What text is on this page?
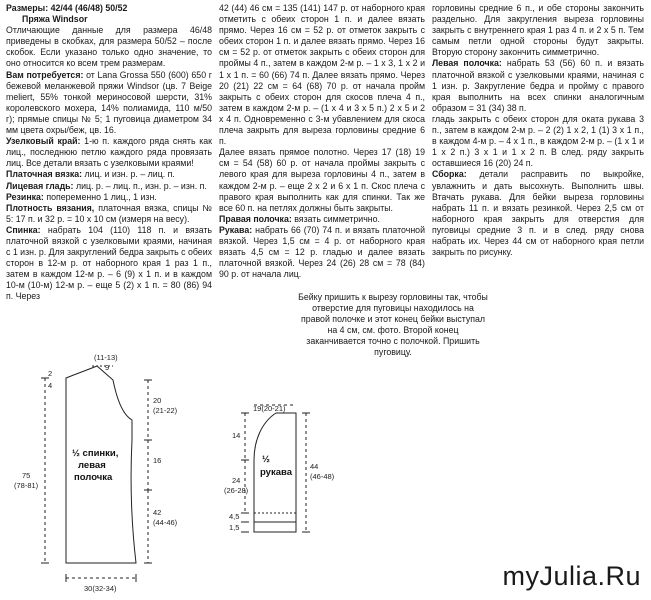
Размеры: 42/44 (46/48) 50/52

Пряжа Windsor

Отличающие данные для размера 46/48 приведены в скобках, для размера 50/52 – после скобок. Если указано только одно значение, то оно относится ко всем трем размерам.

Вам потребуется: от Lana Grossa 550 (600) 650 г бежевой меланжевой пряжи Windsor (цв. 7 Beige meliert, 55% тонкой мериносовой шерсти, 31% королевского мохера, 14% полиамида, 110 м/50 г); прямые спицы № 5; 1 пуговица диаметром 34 мм цвета охры/беж, цв. 16.

Узелковый край: 1-ю п. каждого ряда снять как лиц., последнюю петлю каждого ряда провязать лиц. Все детали вязать с узелковыми краями!

Платочная вязка: лиц. и изн. р. – лиц. п.

Лицевая гладь: лиц. р. – лиц. п., изн. р. – изн. п.

Резинка: попеременно 1 лиц., 1 изн.

Плотность вязания, платочная вязка, спицы № 5: 17 п. и 32 р. = 10 х 10 см (измеря на весу).

Спинка: набрать 104 (110) 118 п. и вязать платочной вязкой с узелковыми краями, начиная с 1 изн. р. Для закруглений бедра закрыть с обеих сторон в 12-м р. от наборного края 1 раз 1 п., затем в каждом 12-м р. – 6 (9) х 1 п. и в каждом 10-м (10-м) 12-м р. – еще 5 (2) х 1 п. = 80 (86) 94 п. Через

42 (44) 46 см = 135 (141) 147 р. от наборного края отметить с обеих сторон 1 п. и далее вязать прямо. Через 16 см = 52 р. от отметок закрыть с обеих сторон 1 п. и далее вязать прямо. Через 16 см = 52 р. от отметок закрыть с обеих сторон для проймы 4 п., затем в каждом 2-м р. – 1 х 3, 1 х 2 и 1 х 1 п. = 60 (66) 74 п. Далее вязать прямо. Через 20 (21) 22 см = 64 (68) 70 р. от начала пройм закрыть с обеих сторон для скосов плеча 4 п., затем в каждом 2-м р. – (1 х 4 и 3 х 5 п.) 2 х 5 и 2 х 4 п. Одновременно с 3-м убавлением для скоса плеча закрыть для выреза горловины средние 6 п.

Далее вязать прямое полотно. Через 17 (18) 19 см = 54 (58) 60 р. от начала проймы закрыть с левого края для выреза горловины 4 п., затем в каждом 2-м р. – еще 2 х 2 и 6 х 1 п. Скос плеча с правого края выполнить как для спинки. Так же все 60 п. на петлях должны быть закрыты.

Правая полочка: вязать симметрично.

Рукава: набрать 66 (70) 74 п. и вязать платочной вязкой. Через 1,5 см = 4 р. от наборного края вязать 4,5 см = 12 р. гладью и далее вязать платочной вязкой. Через 24 (26) 28 см = 78 (84) 90 р. от начала лиц.

горловины средние 6 п., и обе стороны закончить раздельно. Для закругления выреза горловины закрыть с внутреннего края 1 раз 4 п. и 2 х 5 п. Тем самым петли одной стороны будут закрыты. Вторую сторону закончить симметрично.

Левая полочка: набрать 53 (56) 60 п. и вязать платочной вязкой с узелковыми краями, начиная с 1 изн. р. Закругление бедра и пройму с правого края выполнить на всех спинки аналогичным образом = 31 (34) 38 п.

гладь закрыть с обеих сторон для оката рукава 3 п., затем в каждом 2-м р. – 2 (2) 1 х 2, 1 (1) 3 х 1 п., в каждом 4-м р. – 4 х 1 п., в каждом 2-м р. – (1 х 1 и 1 х 2 п.) 3 х 1 и 1 х 2 п. В след. ряду закрыть оставшиеся 16 (20) 24 п.

Сборка: детали расправить по выкройке, увлажнить и дать высохнуть. Выполнить швы. Втачать рукава. Для бейки выреза горловины набрать 11 п. и вязать резинкой. Через 2,5 см от наборного края закрыть для отверстия для пуговицы средние 3 п. и в след. ряду снова набрать их. Через 44 см от наборного края петли закрыть по рисунку.

Бейку пришить к вырезу горловины так, чтобы отверстие для пуговицы находилось на правой полочке и этот конец бейки выступал на 4 см, см. фото. Второй конец заканчивается точно с полочкой. Пришить пуговицу.

(11-13)
9
2
4
20
(21-22)
16
42
(44-46)
75
(78-81)
30(32-34)
½ спинки,
левая
полочка
19(20-21)
14
24
(26-28)
44
(46-48)
4,5
1,5
½
рукава
myJulia.Ru
